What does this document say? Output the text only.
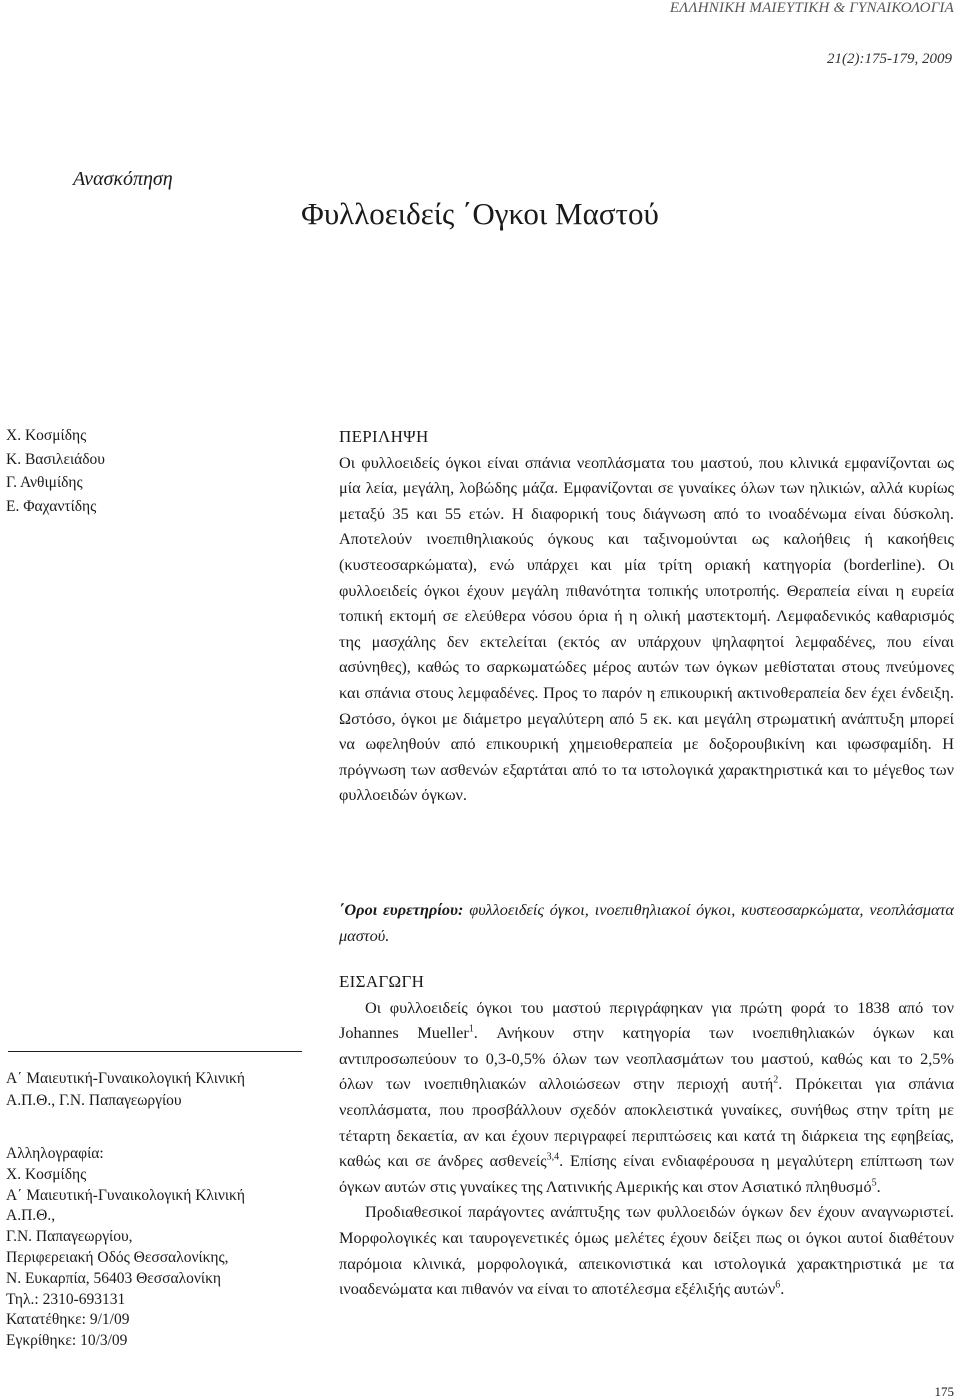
ΕΛΛΗΝΙΚΗ ΜΑΙΕΥΤΙΚΗ & ΓΥΝΑΙΚΟΛΟΓΙΑ
21(2):175-179, 2009
Ανασκόπηση
Φυλλοειδείς ΄Ογκοι Μαστού
Χ. Κοσμίδης
Κ. Βασιλειάδου
Γ. Ανθιμίδης
Ε. Φαχαντίδης
ΠΕΡΙΛΗΨΗ

Οι φυλλοειδείς όγκοι είναι σπάνια νεοπλάσματα του μαστού, που κλινικά εμφανίζονται ως μία λεία, μεγάλη, λοβώδης μάζα. Εμφανίζονται σε γυναίκες όλων των ηλικιών, αλλά κυρίως μεταξύ 35 και 55 ετών. Η διαφορική τους διάγνωση από το ινοαδένωμα είναι δύσκολη. Αποτελούν ινοεπιθηλιακούς όγκους και ταξινομούνται ως καλοήθεις ή κακοήθεις (κυστεοσαρκώματα), ενώ υπάρχει και μία τρίτη οριακή κατηγορία (borderline). Οι φυλλοειδείς όγκοι έχουν μεγάλη πιθανότητα τοπικής υποτροπής. Θεραπεία είναι η ευρεία τοπική εκτομή σε ελεύθερα νόσου όρια ή η ολική μαστεκτομή. Λεμφαδενικός καθαρισμός της μασχάλης δεν εκτελείται (εκτός αν υπάρχουν ψηλαφητοί λεμφαδένες, που είναι ασύνηθες), καθώς το σαρκωματώδες μέρος αυτών των όγκων μεθίσταται στους πνεύμονες και σπάνια στους λεμφαδένες. Προς το παρόν η επικουρική ακτινοθεραπεία δεν έχει ένδειξη. Ωστόσο, όγκοι με διάμετρο μεγαλύτερη από 5 εκ. και μεγάλη στρωματική ανάπτυξη μπορεί να ωφεληθούν από επικουρική χημειοθεραπεία με δοξορουβικίνη και ιφωσφαμίδη. Η πρόγνωση των ασθενών εξαρτάται από το τα ιστολογικά χαρακτηριστικά και το μέγεθος των φυλλοειδών όγκων.

΄Οροι ευρετηρίου: φυλλοειδείς όγκοι, ινοεπιθηλιακοί όγκοι, κυστεοσαρκώματα, νεοπλάσματα μαστού.
ΕΙΣΑΓΩΓΗ

Οι φυλλοειδείς όγκοι του μαστού περιγράφηκαν για πρώτη φορά το 1838 από τον Johannes Mueller$^1$. Ανήκουν στην κατηγορία των ινοεπιθηλιακών όγκων και αντιπροσωπεύουν το 0,3-0,5% όλων των νεοπλασμάτων του μαστού, καθώς και το 2,5% όλων των ινοεπιθηλιακών αλλοιώσεων στην περιοχή αυτή$^2$. Πρόκειται για σπάνια νεοπλάσματα, που προσβάλλουν σχεδόν αποκλειστικά γυναίκες, συνήθως στην τρίτη με τέταρτη δεκαετία, αν και έχουν περιγραφεί περιπτώσεις και κατά τη διάρκεια της εφηβείας, καθώς και σε άνδρες ασθενείς$^{3,4}$. Επίσης είναι ενδιαφέρουσα η μεγαλύτερη επίπτωση των όγκων αυτών στις γυναίκες της Λατινικής Αμερικής και στον Ασιατικό πληθυσμό$^5$.

Προδιαθεσικοί παράγοντες ανάπτυξης των φυλλοειδών όγκων δεν έχουν αναγνωριστεί. Μορφολογικές και ταυρογενετικές όμως μελέτες έχουν δείξει πως οι όγκοι αυτοί διαθέτουν παρόμοια κλινικά, μορφολογικά, απεικονιστικά και ιστολογικά χαρακτηριστικά με τα ινοαδενώματα και πιθανόν να είναι το αποτέλεσμα εξέλιξής αυτών$^6$.

Α΄ Μαιευτική-Γυναικολογική Κλινική
Α.Π.Θ., Γ.Ν. Παπαγεωργίου
Αλληλογραφία:
Χ. Κοσμίδης
Α΄ Μαιευτική-Γυναικολογική Κλινική
Α.Π.Θ.,
Γ.Ν. Παπαγεωργίου,
Περιφερειακή Οδός Θεσσαλονίκης,
Ν. Ευκαρπία, 56403 Θεσσαλονίκη
Τηλ.: 2310-693131
Κατατέθηκε: 9/1/09
Εγκρίθηκε: 10/3/09
175
